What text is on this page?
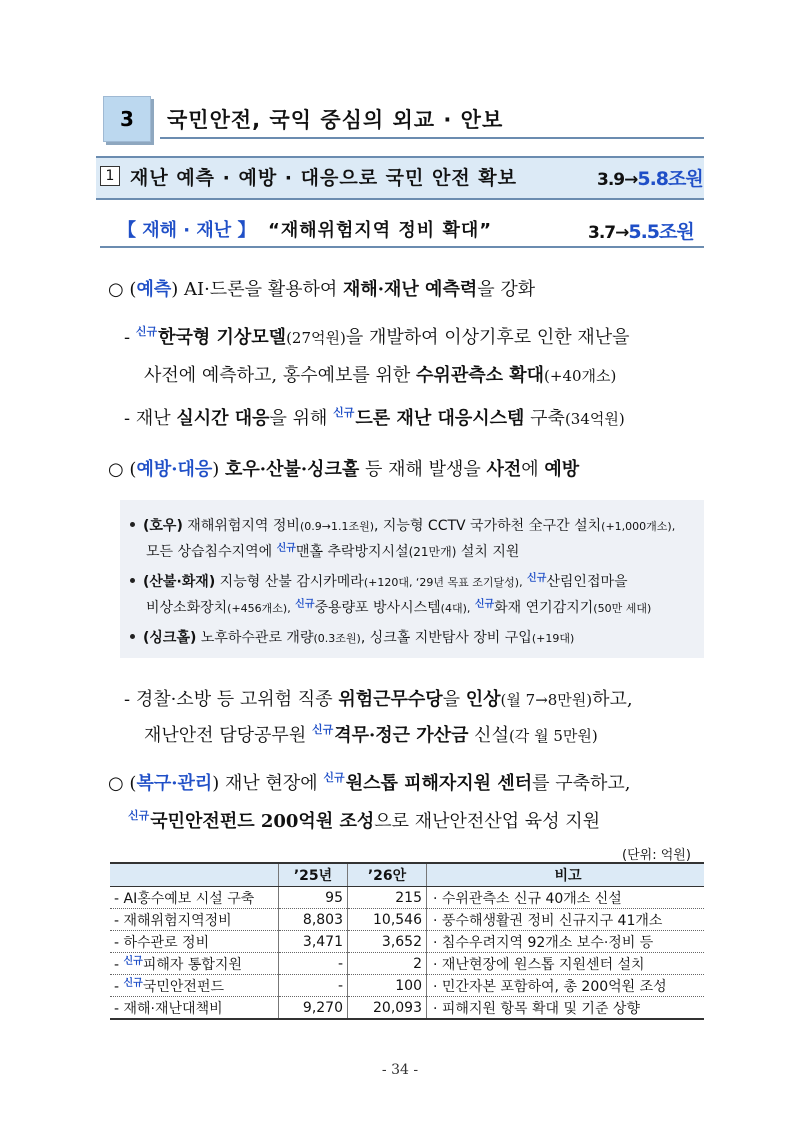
3	국민안전, 국익 중심의 외교 · 안보
1 재난 예측 · 예방 · 대응으로 국민 안전 확보	3.9→5.8조원
【 재해 · 재난 】 “재해위험지역 정비 확대”	3.7→5.5조원
○ (예측) AI·드론을 활용하여 재해·재난 예측력을 강화
- $^{신규}$한국형 기상모델(27억원)을 개발하여 이상기후로 인한 재난을
사전에 예측하고, 홍수예보를 위한 수위관측소 확대(+40개소)
- 재난 실시간 대응을 위해 $^{신규}$드론 재난 대응시스템 구축(34억원)
○ (예방·대응) 호우·산불·싱크홀 등 재해 발생을 사전에 예방
(호우) 재해위험지역 정비(0.9→1.1조원), 지능형 CCTV 국가하천 全구간 설치(+1,000개소),
모든 상습침수지역에 $^{신규}$맨홀 추락방지시설(21만개) 설치 지원
(산불·화재) 지능형 산불 감시카메라(+120대, ‘29년 목표 조기달성), $^{신규}$산림인접마을
비상소화장치(+456개소), $^{신규}$중용량포 방사시스템(4대), $^{신규}$화재 연기감지기(50만 세대)
(싱크홀) 노후하수관로 개량(0.3조원), 싱크홀 지반탐사 장비 구입(+19대)
- 경찰·소방 등 고위험 직종 위험근무수당을 인상(월 7→8만원)하고,
재난안전 담당공무원 $^{신규}$격무·정근 가산금 신설(각 월 5만원)
○ (복구·관리) 재난 현장에 $^{신규}$원스톱 피해자지원 센터를 구축하고,
$^{신규}$국민안전펀드 200억원 조성으로 재난안전산업 육성 지원
(단위: 억원)
	’25년	’26안	비고
- AI홍수예보 시설 구축	95	215	· 수위관측소 신규 40개소 신설
- 재해위험지역정비	8,803	10,546	· 풍수해생활권 정비 신규지구 41개소
- 하수관로 정비	3,471	3,652	· 침수우려지역 92개소 보수·정비 등
- $^{신규}$피해자 통합지원	-	2	· 재난현장에 원스톱 지원센터 설치
- $^{신규}$국민안전펀드	-	100	· 민간자본 포함하여, 총 200억원 조성
- 재해·재난대책비	9,270	20,093	· 피해지원 항목 확대 및 기준 상향
- 34 -
